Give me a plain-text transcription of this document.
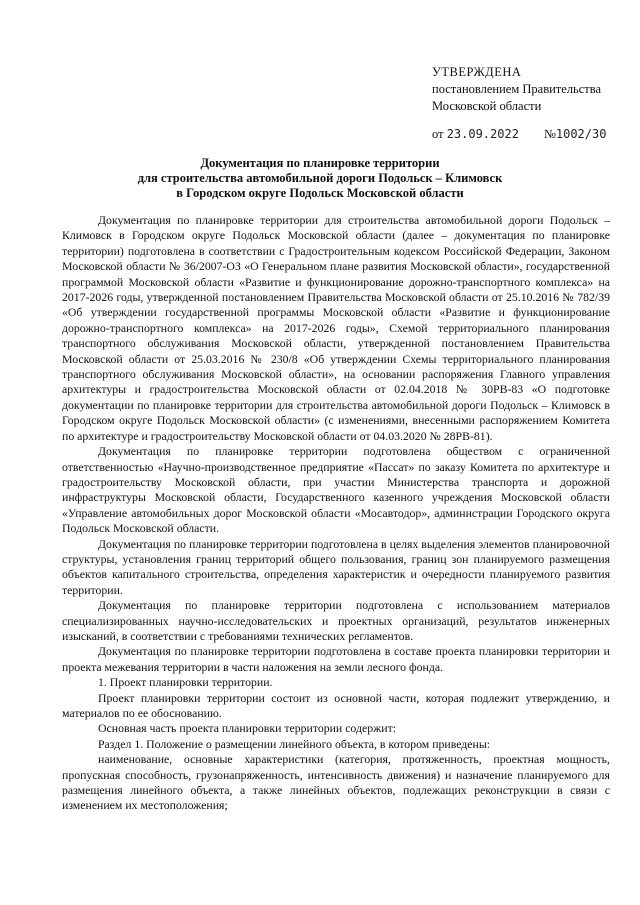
УТВЕРЖДЕНА
постановлением Правительства
Московской области
от 23.09.2022 №1002/30
Документация по планировке территории
для строительства автомобильной дороги Подольск – Климовск
в Городском округе Подольск Московской области

Документация по планировке территории для строительства автомобильной дороги Подольск – Климовск в Городском округе Подольск Московской области (далее – документация по планировке территории) подготовлена в соответствии с Градостроительным кодексом Российской Федерации, Законом Московской области № 36/2007-ОЗ «О Генеральном плане развития Московской области», государственной программой Московской области «Развитие и функционирование дорожно-транспортного комплекса» на 2017-2026 годы, утвержденной постановлением Правительства Московской области от 25.10.2016 № 782/39 «Об утверждении государственной программы Московской области «Развитие и функционирование дорожно-транспортного комплекса» на 2017-2026 годы», Схемой территориального планирования транспортного обслуживания Московской области, утвержденной постановлением Правительства Московской области от 25.03.2016 № 230/8 «Об утверждении Схемы территориального планирования транспортного обслуживания Московской области», на основании распоряжения Главного управления архитектуры и градостроительства Московской области от 02.04.2018 № 30РВ-83 «О подготовке документации по планировке территории для строительства автомобильной дороги Подольск – Климовск в Городском округе Подольск Московской области» (с изменениями, внесенными распоряжением Комитета по архитектуре и градостроительству Московской области от 04.03.2020 № 28РВ-81).

Документация по планировке территории подготовлена обществом с ограниченной ответственностью «Научно-производственное предприятие «Пассат» по заказу Комитета по архитектуре и градостроительству Московской области, при участии Министерства транспорта и дорожной инфраструктуры Московской области, Государственного казенного учреждения Московской области «Управление автомобильных дорог Московской области «Мосавтодор», администрации Городского округа Подольск Московской области.

Документация по планировке территории подготовлена в целях выделения элементов планировочной структуры, установления границ территорий общего пользования, границ зон планируемого размещения объектов капитального строительства, определения характеристик и очередности планируемого развития территории.

Документация по планировке территории подготовлена с использованием материалов специализированных научно-исследовательских и проектных организаций, результатов инженерных изысканий, в соответствии с требованиями технических регламентов.

Документация по планировке территории подготовлена в составе проекта планировки территории и проекта межевания территории в части наложения на земли лесного фонда.

1. Проект планировки территории.

Проект планировки территории состоит из основной части, которая подлежит утверждению, и материалов по ее обоснованию.

Основная часть проекта планировки территории содержит:

Раздел 1. Положение о размещении линейного объекта, в котором приведены:

наименование, основные характеристики (категория, протяженность, проектная мощность, пропускная способность, грузонапряженность, интенсивность движения) и назначение планируемого для размещения линейного объекта, а также линейных объектов, подлежащих реконструкции в связи с изменением их местоположения;
